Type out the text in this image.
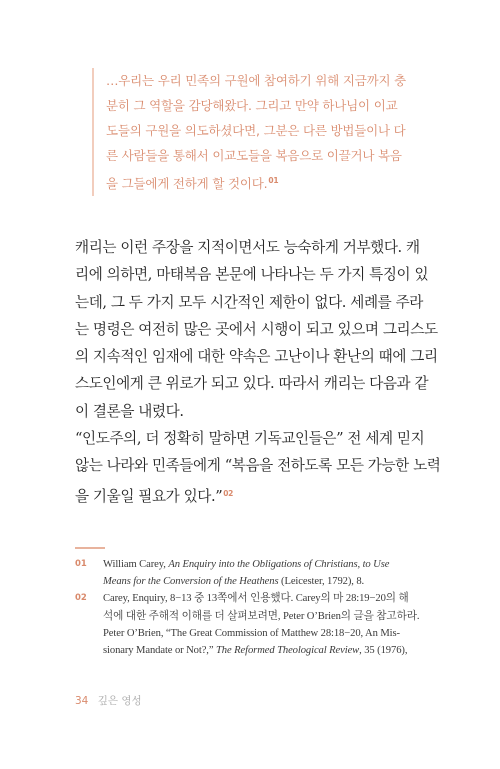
…우리는 우리 민족의 구원에 참여하기 위해 지금까지 충
분히 그 역할을 감당해왔다. 그리고 만약 하나님이 이교
도들의 구원을 의도하셨다면, 그분은 다른 방법들이나 다
른 사람들을 통해서 이교도들을 복음으로 이끌거나 복음
을 그들에게 전하게 할 것이다.$^{01}$
캐리는 이런 주장을 지적이면서도 능숙하게 거부했다. 캐
리에 의하면, 마태복음 본문에 나타나는 두 가지 특징이 있
는데, 그 두 가지 모두 시간적인 제한이 없다. 세례를 주라
는 명령은 여전히 많은 곳에서 시행이 되고 있으며 그리스도
의 지속적인 임재에 대한 약속은 고난이나 환난의 때에 그리
스도인에게 큰 위로가 되고 있다. 따라서 캐리는 다음과 같
이 결론을 내렸다.
“인도주의, 더 정확히 말하면 기독교인들은” 전 세계 믿지
않는 나라와 민족들에게 “복음을 전하도록 모든 가능한 노력
을 기울일 필요가 있다.”$^{02}$
01	William Carey, An Enquiry into the Obligations of Christians, to Use
Means for the Conversion of the Heathens (Leicester, 1792), 8.
02	Carey, Enquiry, 8−13 중 13쪽에서 인용했다. Carey의 마 28:19−20의 해
석에 대한 주해적 이해를 더 살펴보려면, Peter O’Brien의 글을 참고하라.
Peter O’Brien, “The Great Commission of Matthew 28:18−20, An Mis-
sionary Mandate or Not?,” The Reformed Theological Review, 35 (1976),
34 깊은 영성
